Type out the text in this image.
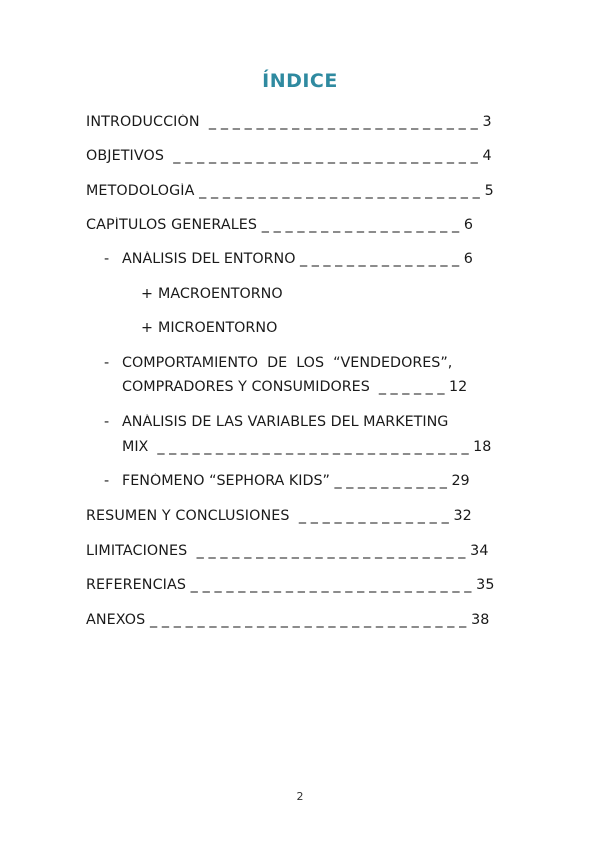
ÍNDICE
INTRODUCCIÓN  _ _ _ _ _ _ _ _ _ _ _ _ _ _ _ _ _ _ _ _ _ _ _ 3
OBJETIVOS  _ _ _ _ _ _ _ _ _ _ _ _ _ _ _ _ _ _ _ _ _ _ _ _ _ _ 4
METODOLOGÍA _ _ _ _ _ _ _ _ _ _ _ _ _ _ _ _ _ _ _ _ _ _ _ _ 5
CAPÍTULOS GENERALES _ _ _ _ _ _ _ _ _ _ _ _ _ _ _ _ _ 6
- ANÁLISIS DEL ENTORNO _ _ _ _ _ _ _ _ _ _ _ _ _ _ 6
+ MACROENTORNO
+ MICROENTORNO
- COMPORTAMIENTO  DE  LOS  “VENDEDORES”,
COMPRADORES Y CONSUMIDORES  _ _ _ _ _ _ 12
- ANÁLISIS DE LAS VARIABLES DEL MARKETING
MIX  _ _ _ _ _ _ _ _ _ _ _ _ _ _ _ _ _ _ _ _ _ _ _ _ _ _ _ 18
- FENÓMENO “SEPHORA KIDS” _ _ _ _ _ _ _ _ _ _ 29
RESUMEN Y CONCLUSIONES  _ _ _ _ _ _ _ _ _ _ _ _ _ 32
LIMITACIONES  _ _ _ _ _ _ _ _ _ _ _ _ _ _ _ _ _ _ _ _ _ _ _ 34
REFERENCIAS _ _ _ _ _ _ _ _ _ _ _ _ _ _ _ _ _ _ _ _ _ _ _ _ 35
ANEXOS _ _ _ _ _ _ _ _ _ _ _ _ _ _ _ _ _ _ _ _ _ _ _ _ _ _ _ 38
2
